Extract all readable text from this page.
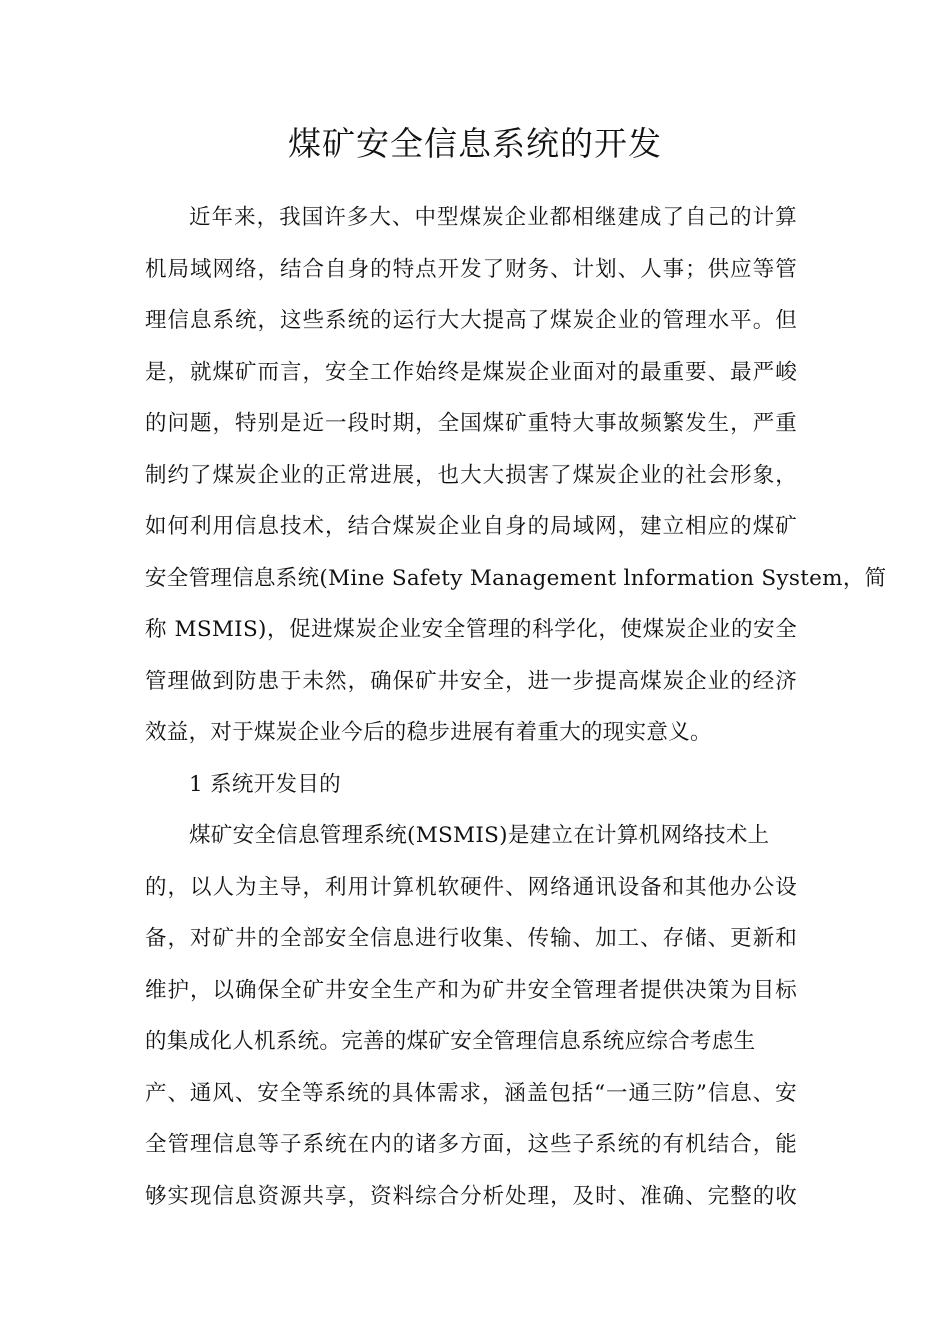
煤矿安全信息系统的开发
近年来，我国许多大、中型煤炭企业都相继建成了自己的计算
机局域网络，结合自身的特点开发了财务、计划、人事；供应等管
理信息系统，这些系统的运行大大提高了煤炭企业的管理水平。但
是，就煤矿而言，安全工作始终是煤炭企业面对的最重要、最严峻
的问题，特别是近一段时期，全国煤矿重特大事故频繁发生，严重
制约了煤炭企业的正常进展，也大大损害了煤炭企业的社会形象，
如何利用信息技术，结合煤炭企业自身的局域网，建立相应的煤矿
安全管理信息系统(Mine Safety Management lnformation System，简
称 MSMIS)，促进煤炭企业安全管理的科学化，使煤炭企业的安全
管理做到防患于未然，确保矿井安全，进一步提高煤炭企业的经济
效益，对于煤炭企业今后的稳步进展有着重大的现实意义。
1 系统开发目的
煤矿安全信息管理系统(MSMIS)是建立在计算机网络技术上
的，以人为主导，利用计算机软硬件、网络通讯设备和其他办公设
备，对矿井的全部安全信息进行收集、传输、加工、存储、更新和
维护，以确保全矿井安全生产和为矿井安全管理者提供决策为目标
的集成化人机系统。完善的煤矿安全管理信息系统应综合考虑生
产、通风、安全等系统的具体需求，涵盖包括“一通三防”信息、安
全管理信息等子系统在内的诸多方面，这些子系统的有机结合，能
够实现信息资源共享，资料综合分析处理，及时、准确、完整的收
